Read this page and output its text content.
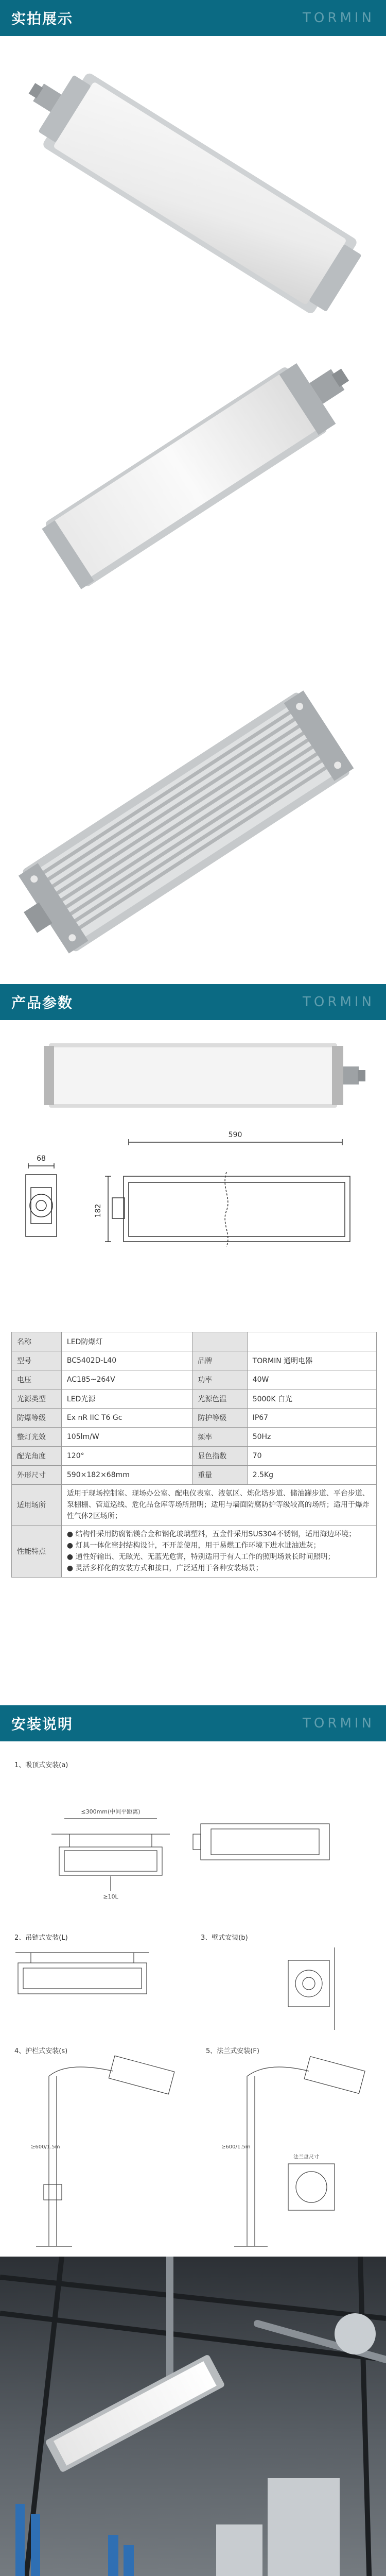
实拍展示	TORMIN
产品参数	TORMIN
68
590
182
名称	LED防爆灯		
型号	BC5402D-L40	品牌	TORMIN 通明电器
电压	AC185~264V	功率	40W
光源类型	LED光源	光源色温	5000K 白光
防爆等级	Ex nR IIC T6 Gc	防护等级	IP67
整灯光效	105lm/W	频率	50Hz
配光角度	120°	显色指数	70
外形尺寸	590×182×68mm	重量	2.5Kg
适用场所	适用于现场控制室、现场办公室、配电仪表室、液氨区、炼化塔步道、储油罐步道、平台步道、泵棚棚、管道巡线、危化品仓库等场所照明；适用与墙面防腐防护等级较高的场所；适用于爆炸性气体2区场所；		
性能特点	● 结构件采用防腐铝镁合金和钢化玻璃塑料，五金件采用SUS304不锈钢，适用海边环境；
● 灯具一体化密封结构设计，不开盖使用，用于易燃工作环境下进水进油进灰；
● 通性好输出、无眩光、无蓝光危害，特别适用于有人工作的照明场景长时间照明；
● 灵活多样化的安装方式和接口，广泛适用于各种安装场景；		
安装说明	TORMIN
1、吸顶式安装(a)
2、吊链式安装(L)	3、壁式安装(b)
4、护栏式安装(s)	5、法兰式安装(F)
≤300mm(中间平距离)
≥10L
≥600/1.5m	≥600/1.5m
法兰盘尺寸
